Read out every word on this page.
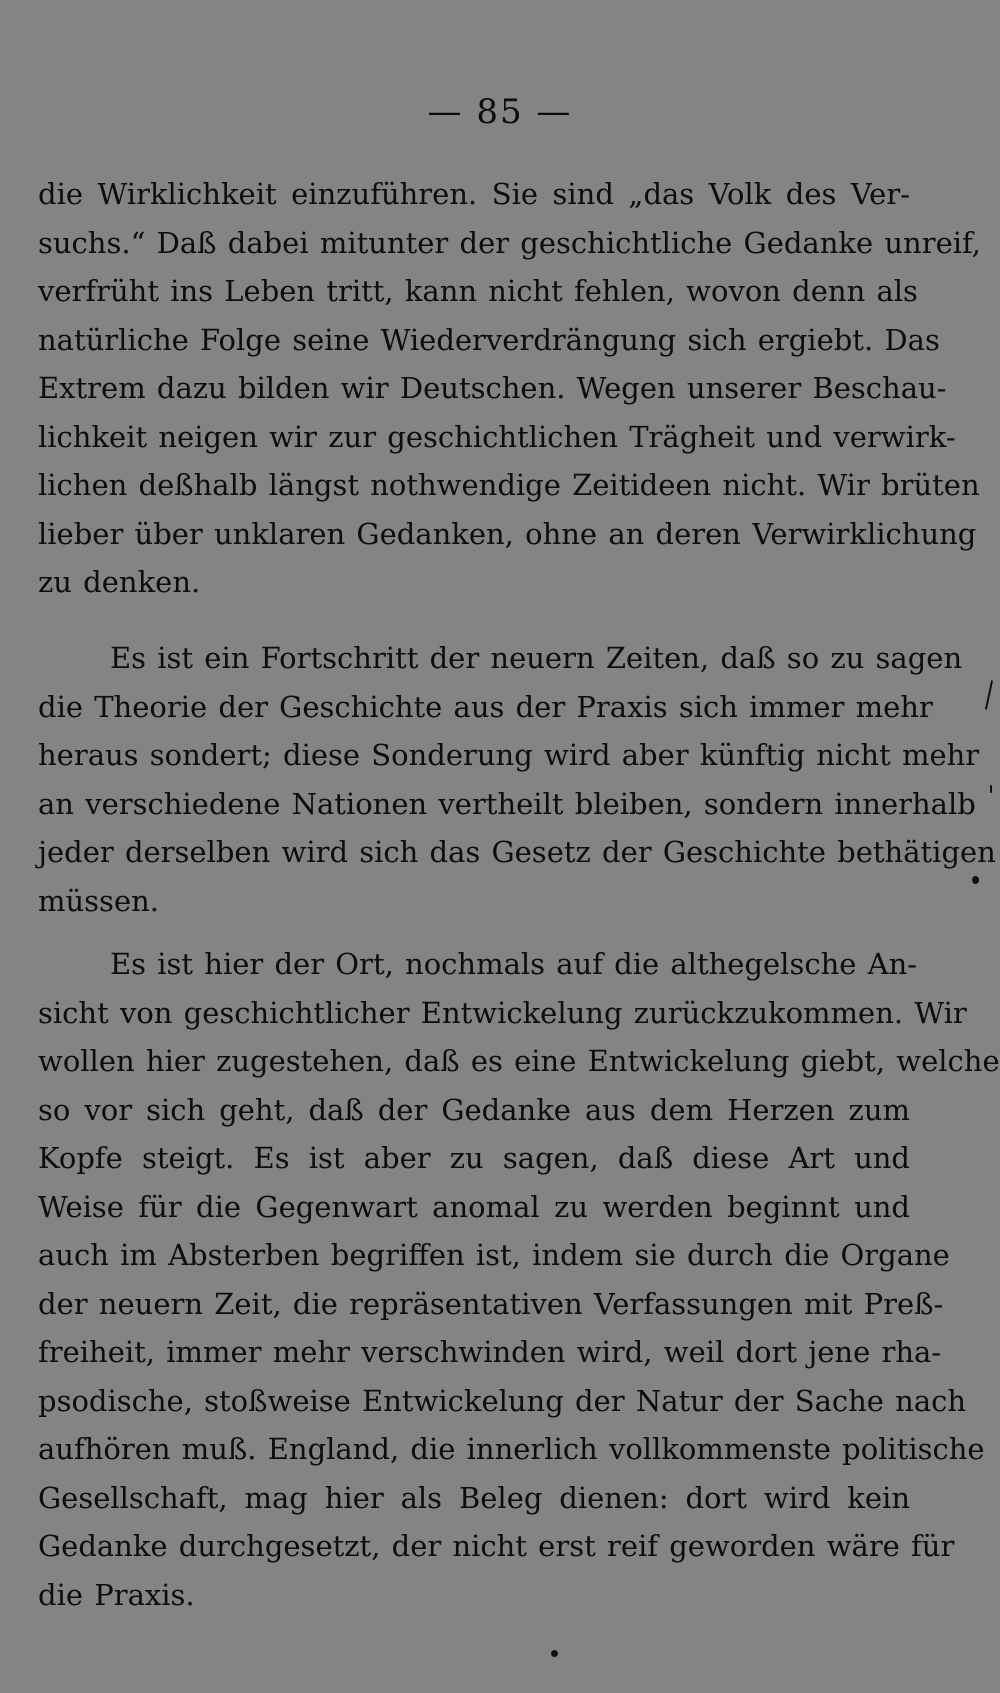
— 85 —
die Wirklichkeit einzuführen. Sie sind „das Volk des Ver-
suchs.“ Daß dabei mitunter der geschichtliche Gedanke unreif,
verfrüht ins Leben tritt, kann nicht fehlen, wovon denn als
natürliche Folge seine Wiederverdrängung sich ergiebt. Das
Extrem dazu bilden wir Deutschen. Wegen unserer Beschau-
lichkeit neigen wir zur geschichtlichen Trägheit und verwirk-
lichen deßhalb längst nothwendige Zeitideen nicht. Wir brüten
lieber über unklaren Gedanken, ohne an deren Verwirklichung
zu denken.
Es ist ein Fortschritt der neuern Zeiten, daß so zu sagen
die Theorie der Geschichte aus der Praxis sich immer mehr
heraus sondert; diese Sonderung wird aber künftig nicht mehr
an verschiedene Nationen vertheilt bleiben, sondern innerhalb
jeder derselben wird sich das Gesetz der Geschichte bethätigen
müssen.
Es ist hier der Ort, nochmals auf die althegelsche An-
sicht von geschichtlicher Entwickelung zurückzukommen. Wir
wollen hier zugestehen, daß es eine Entwickelung giebt, welche
so vor sich geht, daß der Gedanke aus dem Herzen zum
Kopfe steigt. Es ist aber zu sagen, daß diese Art und
Weise für die Gegenwart anomal zu werden beginnt und
auch im Absterben begriffen ist, indem sie durch die Organe
der neuern Zeit, die repräsentativen Verfassungen mit Preß-
freiheit, immer mehr verschwinden wird, weil dort jene rha-
psodische, stoßweise Entwickelung der Natur der Sache nach
aufhören muß. England, die innerlich vollkommenste politische
Gesellschaft, mag hier als Beleg dienen: dort wird kein
Gedanke durchgesetzt, der nicht erst reif geworden wäre für
die Praxis.
